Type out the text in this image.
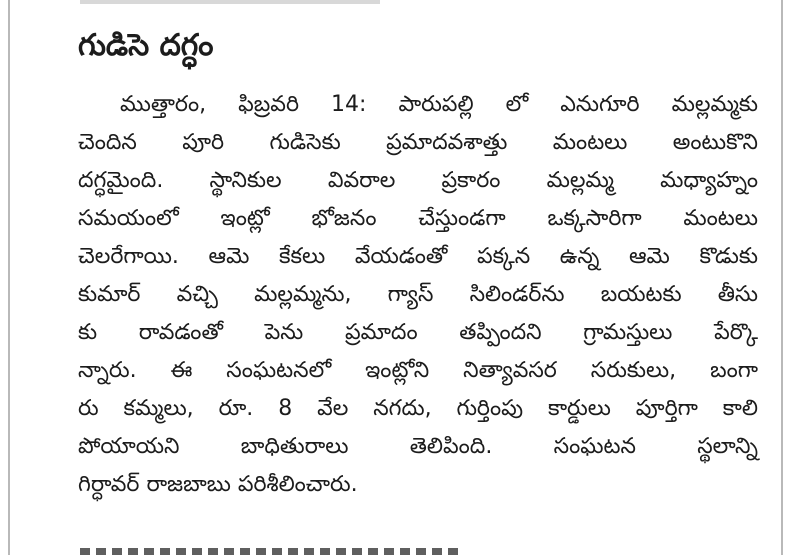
గుడిసె దగ్ధం
ముత్తారం, ఫిబ్రవరి 14: పారుపల్లి లో ఎనుగూరి మల్లమ్మకు
చెందిన పూరి గుడిసెకు ప్రమాదవశాత్తు మంటలు అంటుకొని
దగ్ధమైంది. స్థానికుల వివరాల ప్రకారం మల్లమ్మ మధ్యాహ్నం
సమయంలో ఇంట్లో భోజనం చేస్తుండగా ఒక్కసారిగా మంటలు
చెలరేగాయి. ఆమె కేకలు వేయడంతో పక్కన ఉన్న ఆమె కొడుకు
కుమార్ వచ్చి మల్లమ్మను, గ్యాస్ సిలిండర్‌ను బయటకు తీసు
కు రావడంతో పెను ప్రమాదం తప్పిందని గ్రామస్తులు పేర్కొ
న్నారు. ఈ సంఘటనలో ఇంట్లోని నిత్యావసర సరుకులు, బంగా
రు కమ్మలు, రూ. 8 వేల నగదు, గుర్తింపు కార్డులు పూర్తిగా కాలి
పోయాయని బాధితురాలు తెలిపింది. సంఘటన స్థలాన్ని
గిర్ధావర్ రాజబాబు పరిశీలించారు.
